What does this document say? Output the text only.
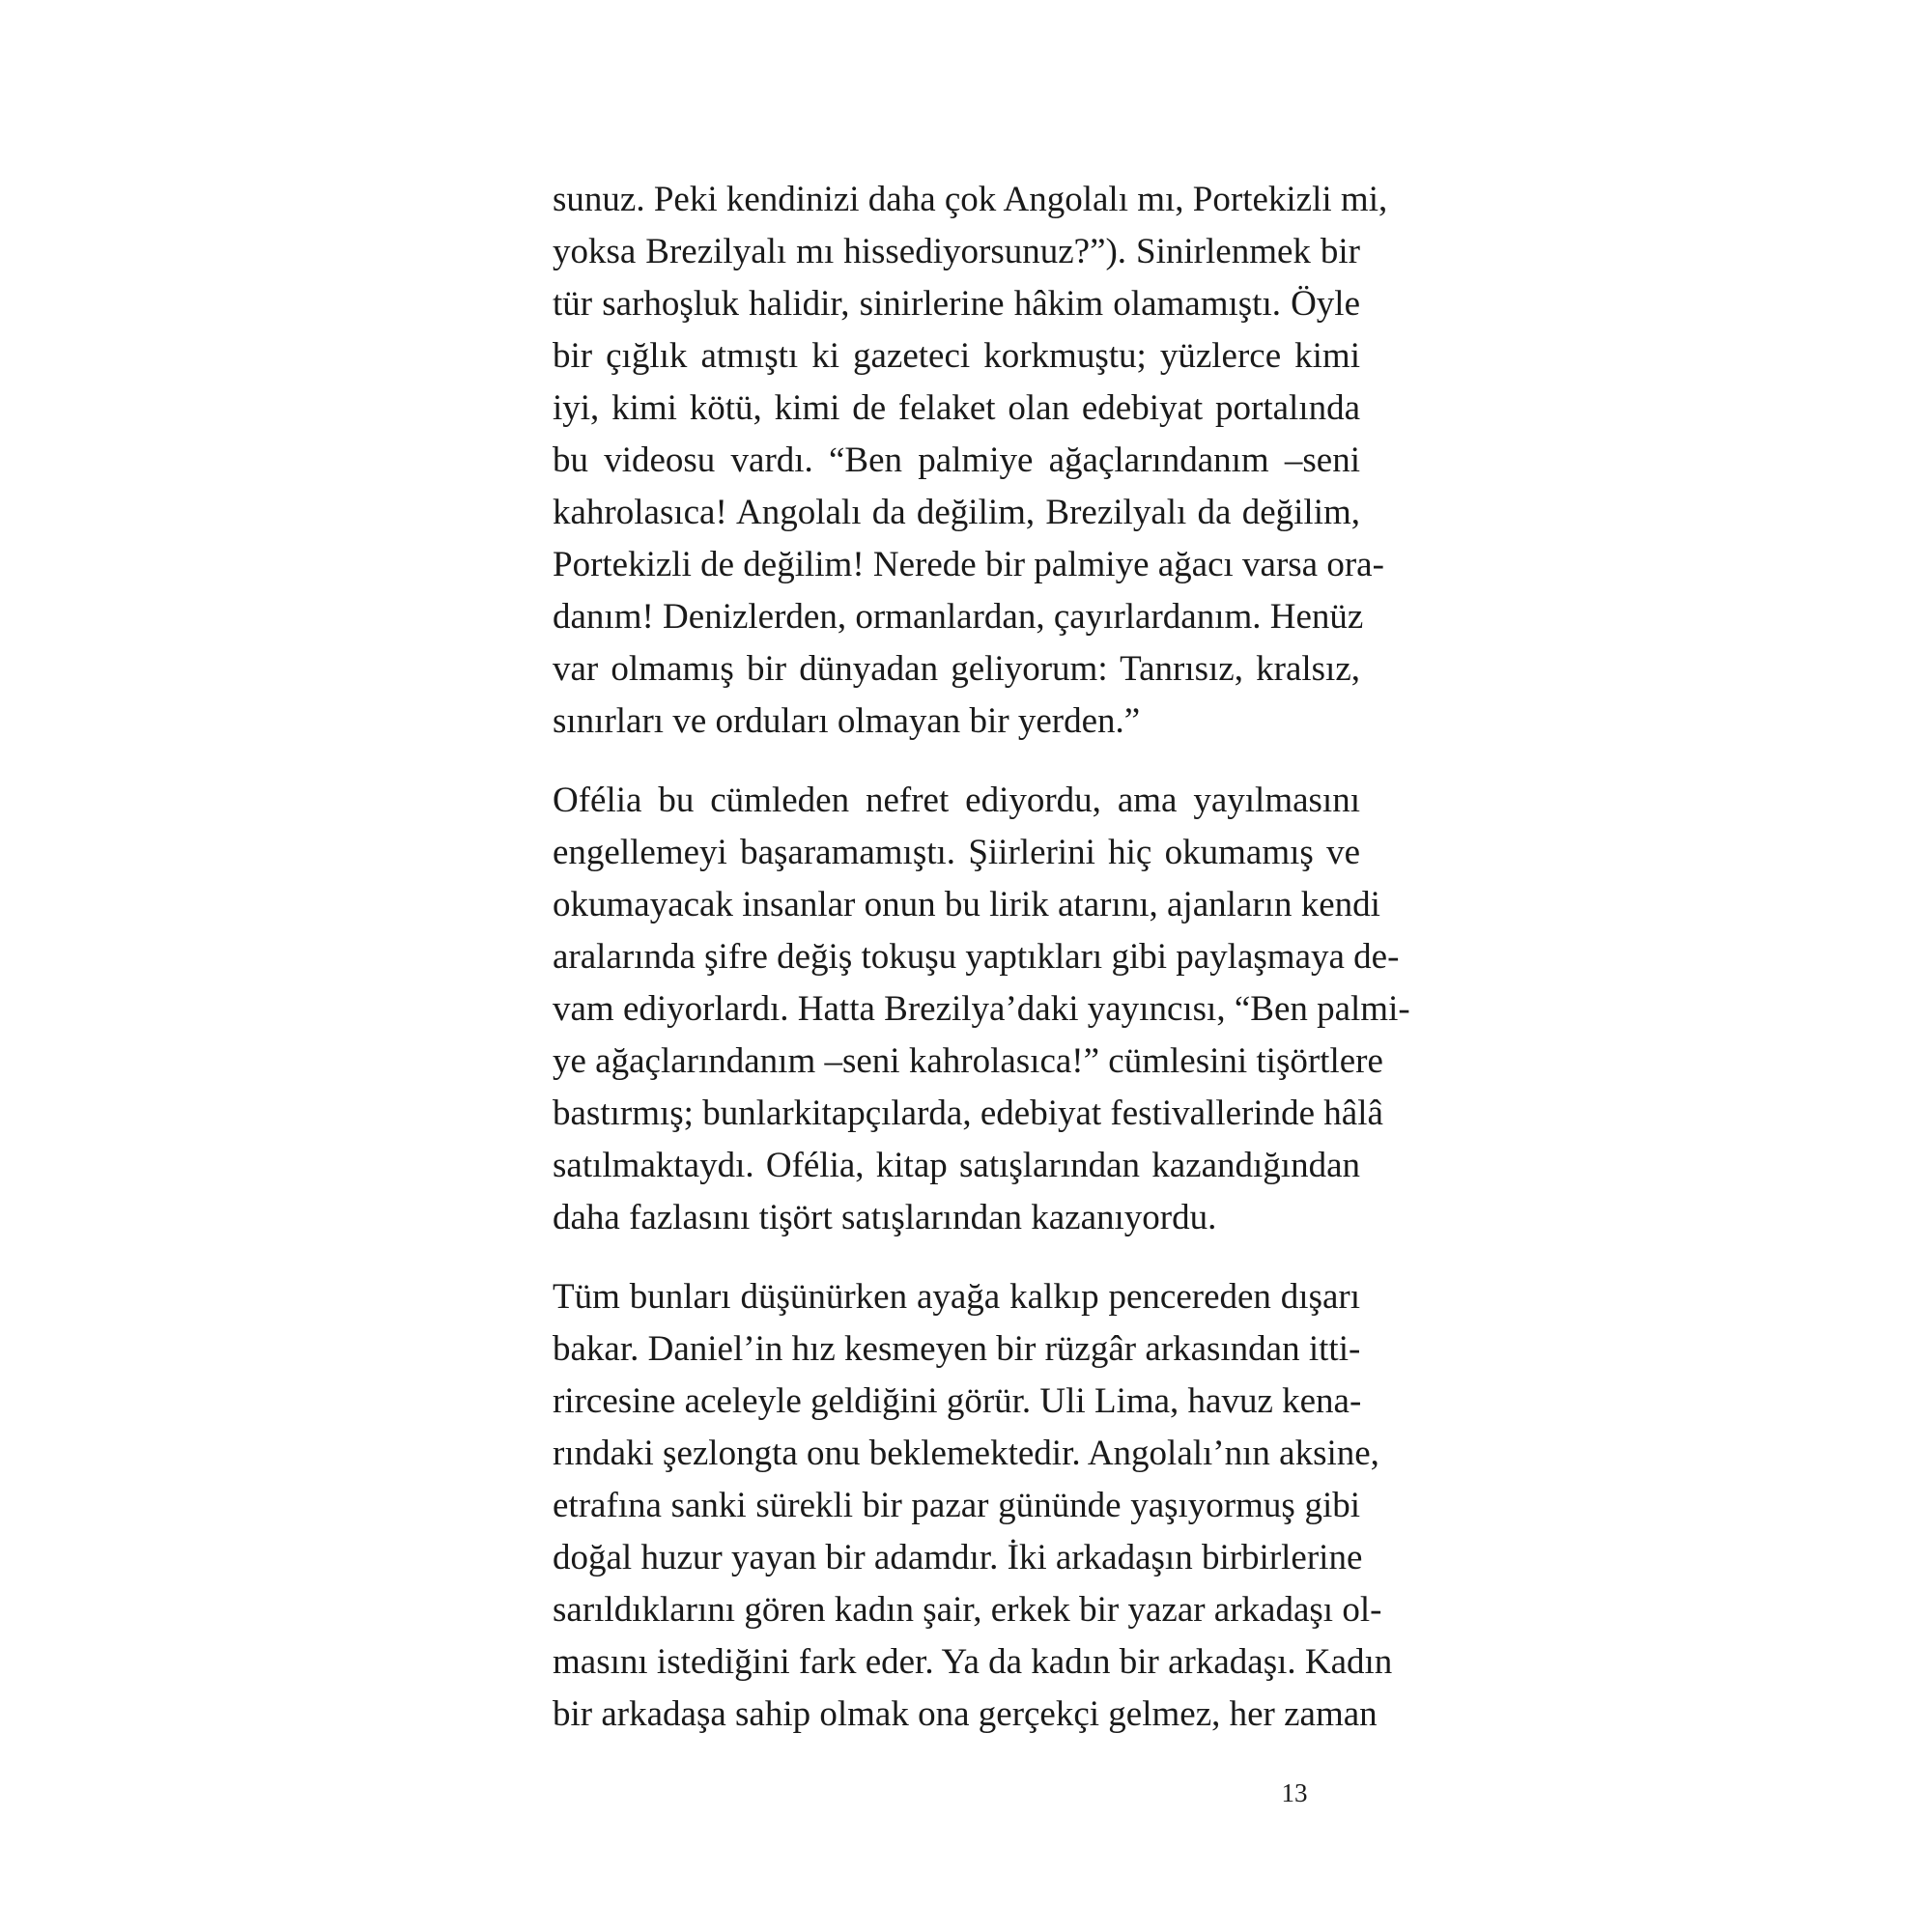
sunuz. Peki kendinizi daha çok Angolalı mı, Portekizli mi,
yoksa Brezilyalı mı hissediyorsunuz?”). Sinirlenmek bir
tür sarhoşluk halidir, sinirlerine hâkim olamamıştı. Öyle
bir çığlık atmıştı ki gazeteci korkmuştu; yüzlerce kimi
iyi, kimi kötü, kimi de felaket olan edebiyat portalında
bu videosu vardı. “Ben palmiye ağaçlarındanım –seni
kahrolasıca! Angolalı da değilim, Brezilyalı da değilim,
Portekizli de değilim! Nerede bir palmiye ağacı varsa ora-
danım! Denizlerden, ormanlardan, çayırlardanım. Henüz
var olmamış bir dünyadan geliyorum: Tanrısız, kralsız,
sınırları ve orduları olmayan bir yerden.”

Ofélia bu cümleden nefret ediyordu, ama yayılmasını
engellemeyi başaramamıştı. Şiirlerini hiç okumamış ve
okumayacak insanlar onun bu lirik atarını, ajanların kendi
aralarında şifre değiş tokuşu yaptıkları gibi paylaşmaya de-
vam ediyorlardı. Hatta Brezilya’daki yayıncısı, “Ben palmi-
ye ağaçlarındanım –seni kahrolasıca!” cümlesini tişörtlere
bastırmış; bunlarkitapçılarda, edebiyat festivallerinde hâlâ
satılmaktaydı. Ofélia, kitap satışlarından kazandığından
daha fazlasını tişört satışlarından kazanıyordu.

Tüm bunları düşünürken ayağa kalkıp pencereden dışarı
bakar. Daniel’in hız kesmeyen bir rüzgâr arkasından itti-
rircesine aceleyle geldiğini görür. Uli Lima, havuz kena-
rındaki şezlongta onu beklemektedir. Angolalı’nın aksine,
etrafına sanki sürekli bir pazar gününde yaşıyormuş gibi
doğal huzur yayan bir adamdır. İki arkadaşın birbirlerine
sarıldıklarını gören kadın şair, erkek bir yazar arkadaşı ol-
masını istediğini fark eder. Ya da kadın bir arkadaşı. Kadın
bir arkadaşa sahip olmak ona gerçekçi gelmez, her zaman

13
